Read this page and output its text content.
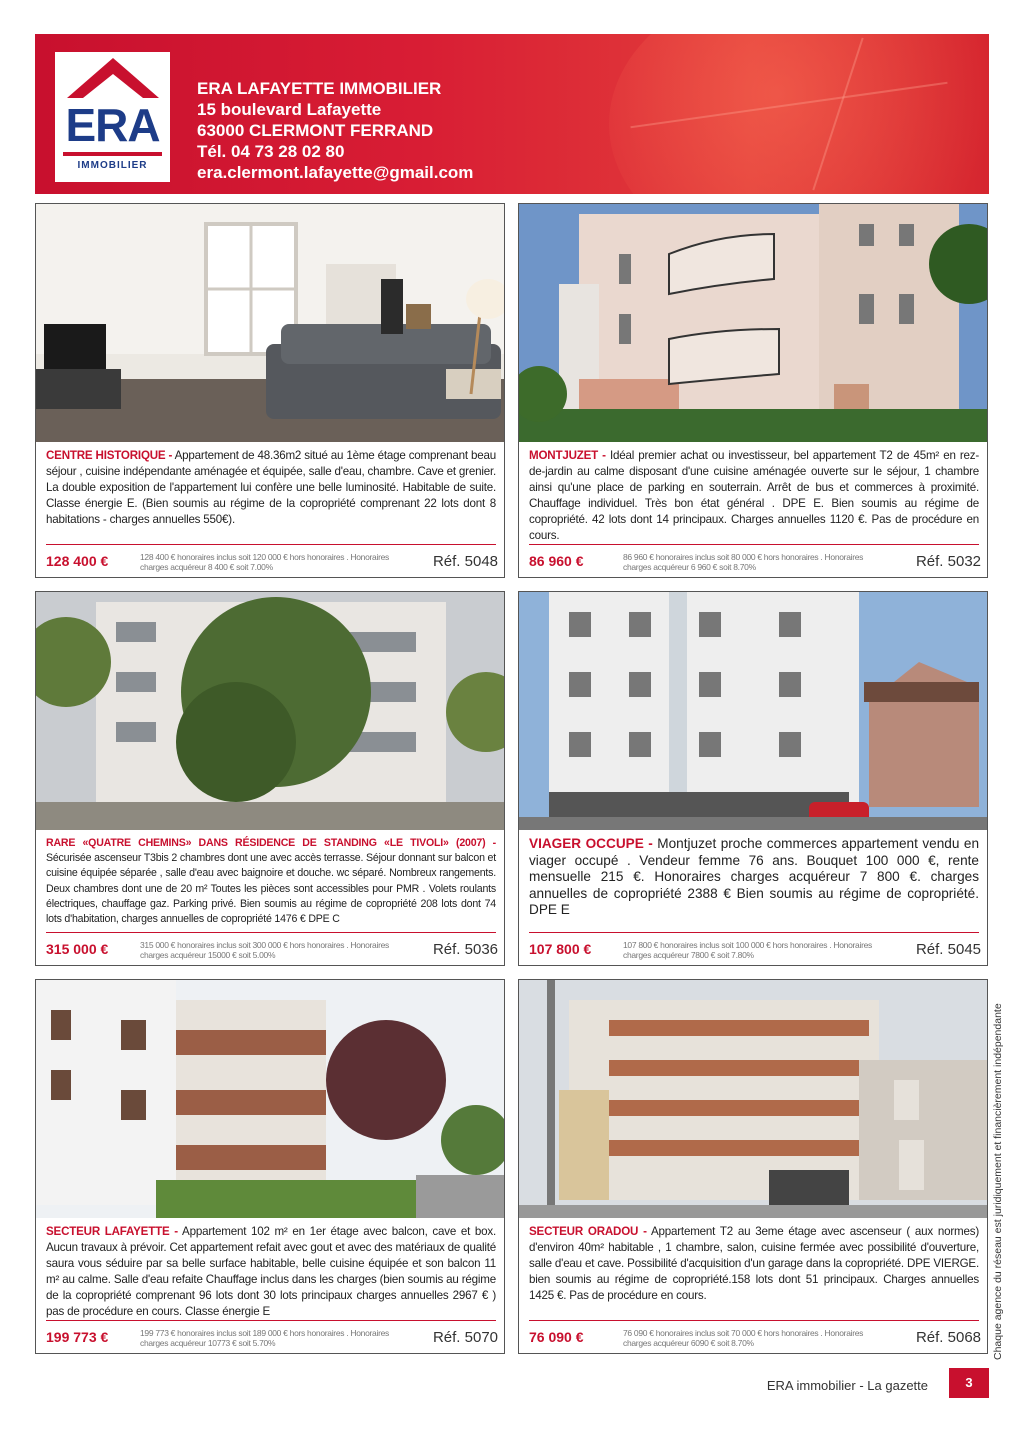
ERA
IMMOBILIER
ERA LAFAYETTE IMMOBILIER
15 boulevard Lafayette
63000 CLERMONT FERRAND
Tél. 04 73 28 02 80
era.clermont.lafayette@gmail.com
CENTRE HISTORIQUE - Appartement de 48.36m2 situé au 1ème étage comprenant beau séjour , cuisine indépendante aménagée et équipée, salle d'eau, chambre. Cave et grenier. La double exposition de l'appartement lui confère une belle luminosité. Habitable de suite. Classe énergie E. (Bien soumis au régime de la copropriété comprenant 22 lots dont 8 habitations - charges annuelles 550€).
128 400 €	128 400 € honoraires inclus soit 120 000 € hors honoraires . Honoraires charges acquéreur 8 400 € soit 7.00%	Réf. 5048
MONTJUZET - Idéal premier achat ou investisseur, bel appartement T2 de 45m² en rez-de-jardin au calme disposant d'une cuisine aménagée ouverte sur le séjour, 1 chambre ainsi qu'une place de parking en souterrain. Arrêt de bus et commerces à proximité. Chauffage individuel. Très bon état général . DPE E. Bien soumis au régime de copropriété. 42 lots dont 14 principaux. Charges annuelles 1120 €. Pas de procédure en cours.
86 960 €	86 960 € honoraires inclus soit 80 000 € hors honoraires . Honoraires charges acquéreur 6 960 € soit 8.70%	Réf. 5032
RARE «QUATRE CHEMINS» DANS RÉSIDENCE DE STANDING «LE TIVOLI» (2007) - Sécurisée ascenseur T3bis 2 chambres dont une avec accès terrasse. Séjour donnant sur balcon et cuisine équipée séparée , salle d'eau avec baignoire et douche. wc séparé. Nombreux rangements. Deux chambres dont une de 20 m² Toutes les pièces sont accessibles pour PMR . Volets roulants électriques, chauffage gaz. Parking privé. Bien soumis au régime de copropriété 208 lots dont 74 lots d'habitation, charges annuelles de copropriété 1476 € DPE C
315 000 €	315 000 € honoraires inclus soit 300 000 € hors honoraires . Honoraires charges acquéreur 15000 € soit 5.00%	Réf. 5036
VIAGER OCCUPE - Montjuzet proche commerces appartement vendu en viager occupé . Vendeur femme 76 ans. Bouquet 100 000 €, rente mensuelle 215 €. Honoraires charges acquéreur 7 800 €. charges annuelles de copropriété 2388 € Bien soumis au régime de copropriété. DPE E
107 800 €	107 800 € honoraires inclus soit 100 000 € hors honoraires . Honoraires charges acquéreur 7800 € soit 7.80%	Réf. 5045
SECTEUR LAFAYETTE - Appartement 102 m² en 1er étage avec balcon, cave et box. Aucun travaux à prévoir. Cet appartement refait avec gout et avec des matériaux de qualité saura vous séduire par sa belle surface habitable, belle cuisine équipée et son balcon 11 m² au calme. Salle d'eau refaite Chauffage inclus dans les charges (bien soumis au régime de la copropriété comprenant 96 lots dont 30 lots principaux charges annuelles 2967 € ) pas de procédure en cours. Classe énergie E
199 773 €	199 773 € honoraires inclus soit 189 000 € hors honoraires . Honoraires charges acquéreur 10773 € soit 5.70%	Réf. 5070
SECTEUR ORADOU - Appartement T2 au 3eme étage avec ascenseur ( aux normes) d'environ 40m² habitable , 1 chambre, salon, cuisine fermée avec possibilité d'ouverture, salle d'eau et cave. Possibilité d'acquisition d'un garage dans la copropriété. DPE VIERGE. bien soumis au régime de copropriété.158 lots dont 51 principaux. Charges annuelles 1425 €. Pas de procédure en cours.
76 090 €	76 090 € honoraires inclus soit 70 000 € hors honoraires . Honoraires charges acquéreur 6090 € soit 8.70%	Réf. 5068 Chaque agence du réseau est juridiquement et financièrement indépendante
ERA immobilier - La gazette	3
